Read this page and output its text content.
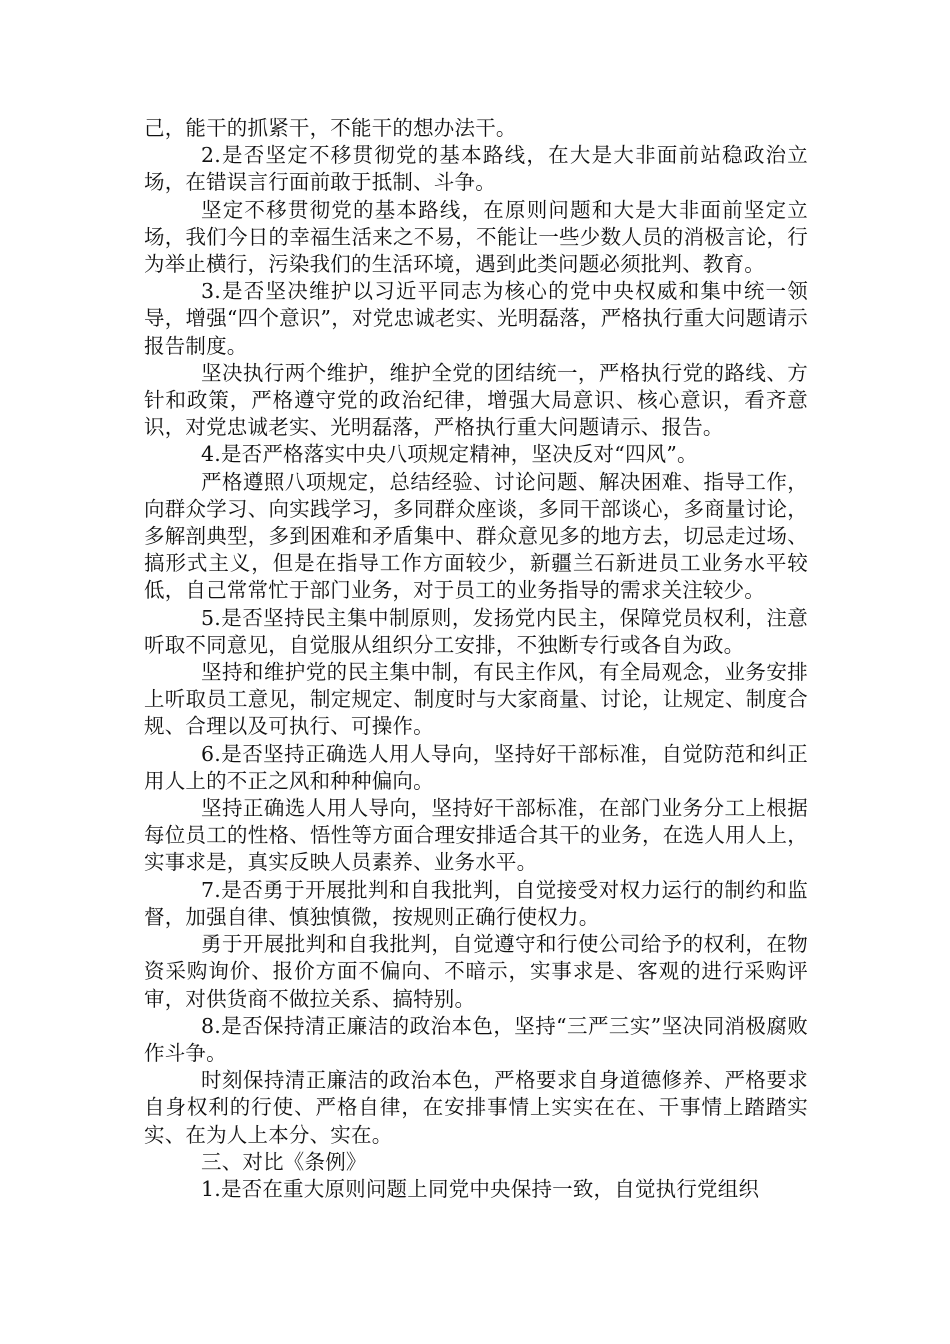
己，能干的抓紧干，不能干的想办法干。

2.是否坚定不移贯彻党的基本路线，在大是大非面前站稳政治立场，在错误言行面前敢于抵制、斗争。

坚定不移贯彻党的基本路线，在原则问题和大是大非面前坚定立场，我们今日的幸福生活来之不易，不能让一些少数人员的消极言论，行为举止横行，污染我们的生活环境，遇到此类问题必须批判、教育。

3.是否坚决维护以习近平同志为核心的党中央权威和集中统一领导，增强“四个意识”，对党忠诚老实、光明磊落，严格执行重大问题请示报告制度。

坚决执行两个维护，维护全党的团结统一，严格执行党的路线、方针和政策，严格遵守党的政治纪律，增强大局意识、核心意识，看齐意识，对党忠诚老实、光明磊落，严格执行重大问题请示、报告。

4.是否严格落实中央八项规定精神，坚决反对“四风”。

严格遵照八项规定，总结经验、讨论问题、解决困难、指导工作，向群众学习、向实践学习，多同群众座谈，多同干部谈心，多商量讨论，多解剖典型，多到困难和矛盾集中、群众意见多的地方去，切忌走过场、搞形式主义，但是在指导工作方面较少，新疆兰石新进员工业务水平较低，自己常常忙于部门业务，对于员工的业务指导的需求关注较少。

5.是否坚持民主集中制原则，发扬党内民主，保障党员权利，注意听取不同意见，自觉服从组织分工安排，不独断专行或各自为政。

坚持和维护党的民主集中制，有民主作风，有全局观念，业务安排上听取员工意见，制定规定、制度时与大家商量、讨论，让规定、制度合规、合理以及可执行、可操作。

6.是否坚持正确选人用人导向，坚持好干部标准，自觉防范和纠正用人上的不正之风和种种偏向。

坚持正确选人用人导向，坚持好干部标准，在部门业务分工上根据每位员工的性格、悟性等方面合理安排适合其干的业务，在选人用人上，实事求是，真实反映人员素养、业务水平。

7.是否勇于开展批判和自我批判，自觉接受对权力运行的制约和监督，加强自律、慎独慎微，按规则正确行使权力。

勇于开展批判和自我批判，自觉遵守和行使公司给予的权利，在物资采购询价、报价方面不偏向、不暗示，实事求是、客观的进行采购评审，对供货商不做拉关系、搞特别。

8.是否保持清正廉洁的政治本色，坚持“三严三实”坚决同消极腐败作斗争。

时刻保持清正廉洁的政治本色，严格要求自身道德修养、严格要求自身权利的行使、严格自律，在安排事情上实实在在、干事情上踏踏实实、在为人上本分、实在。

三、对比《条例》

1.是否在重大原则问题上同党中央保持一致，自觉执行党组织
